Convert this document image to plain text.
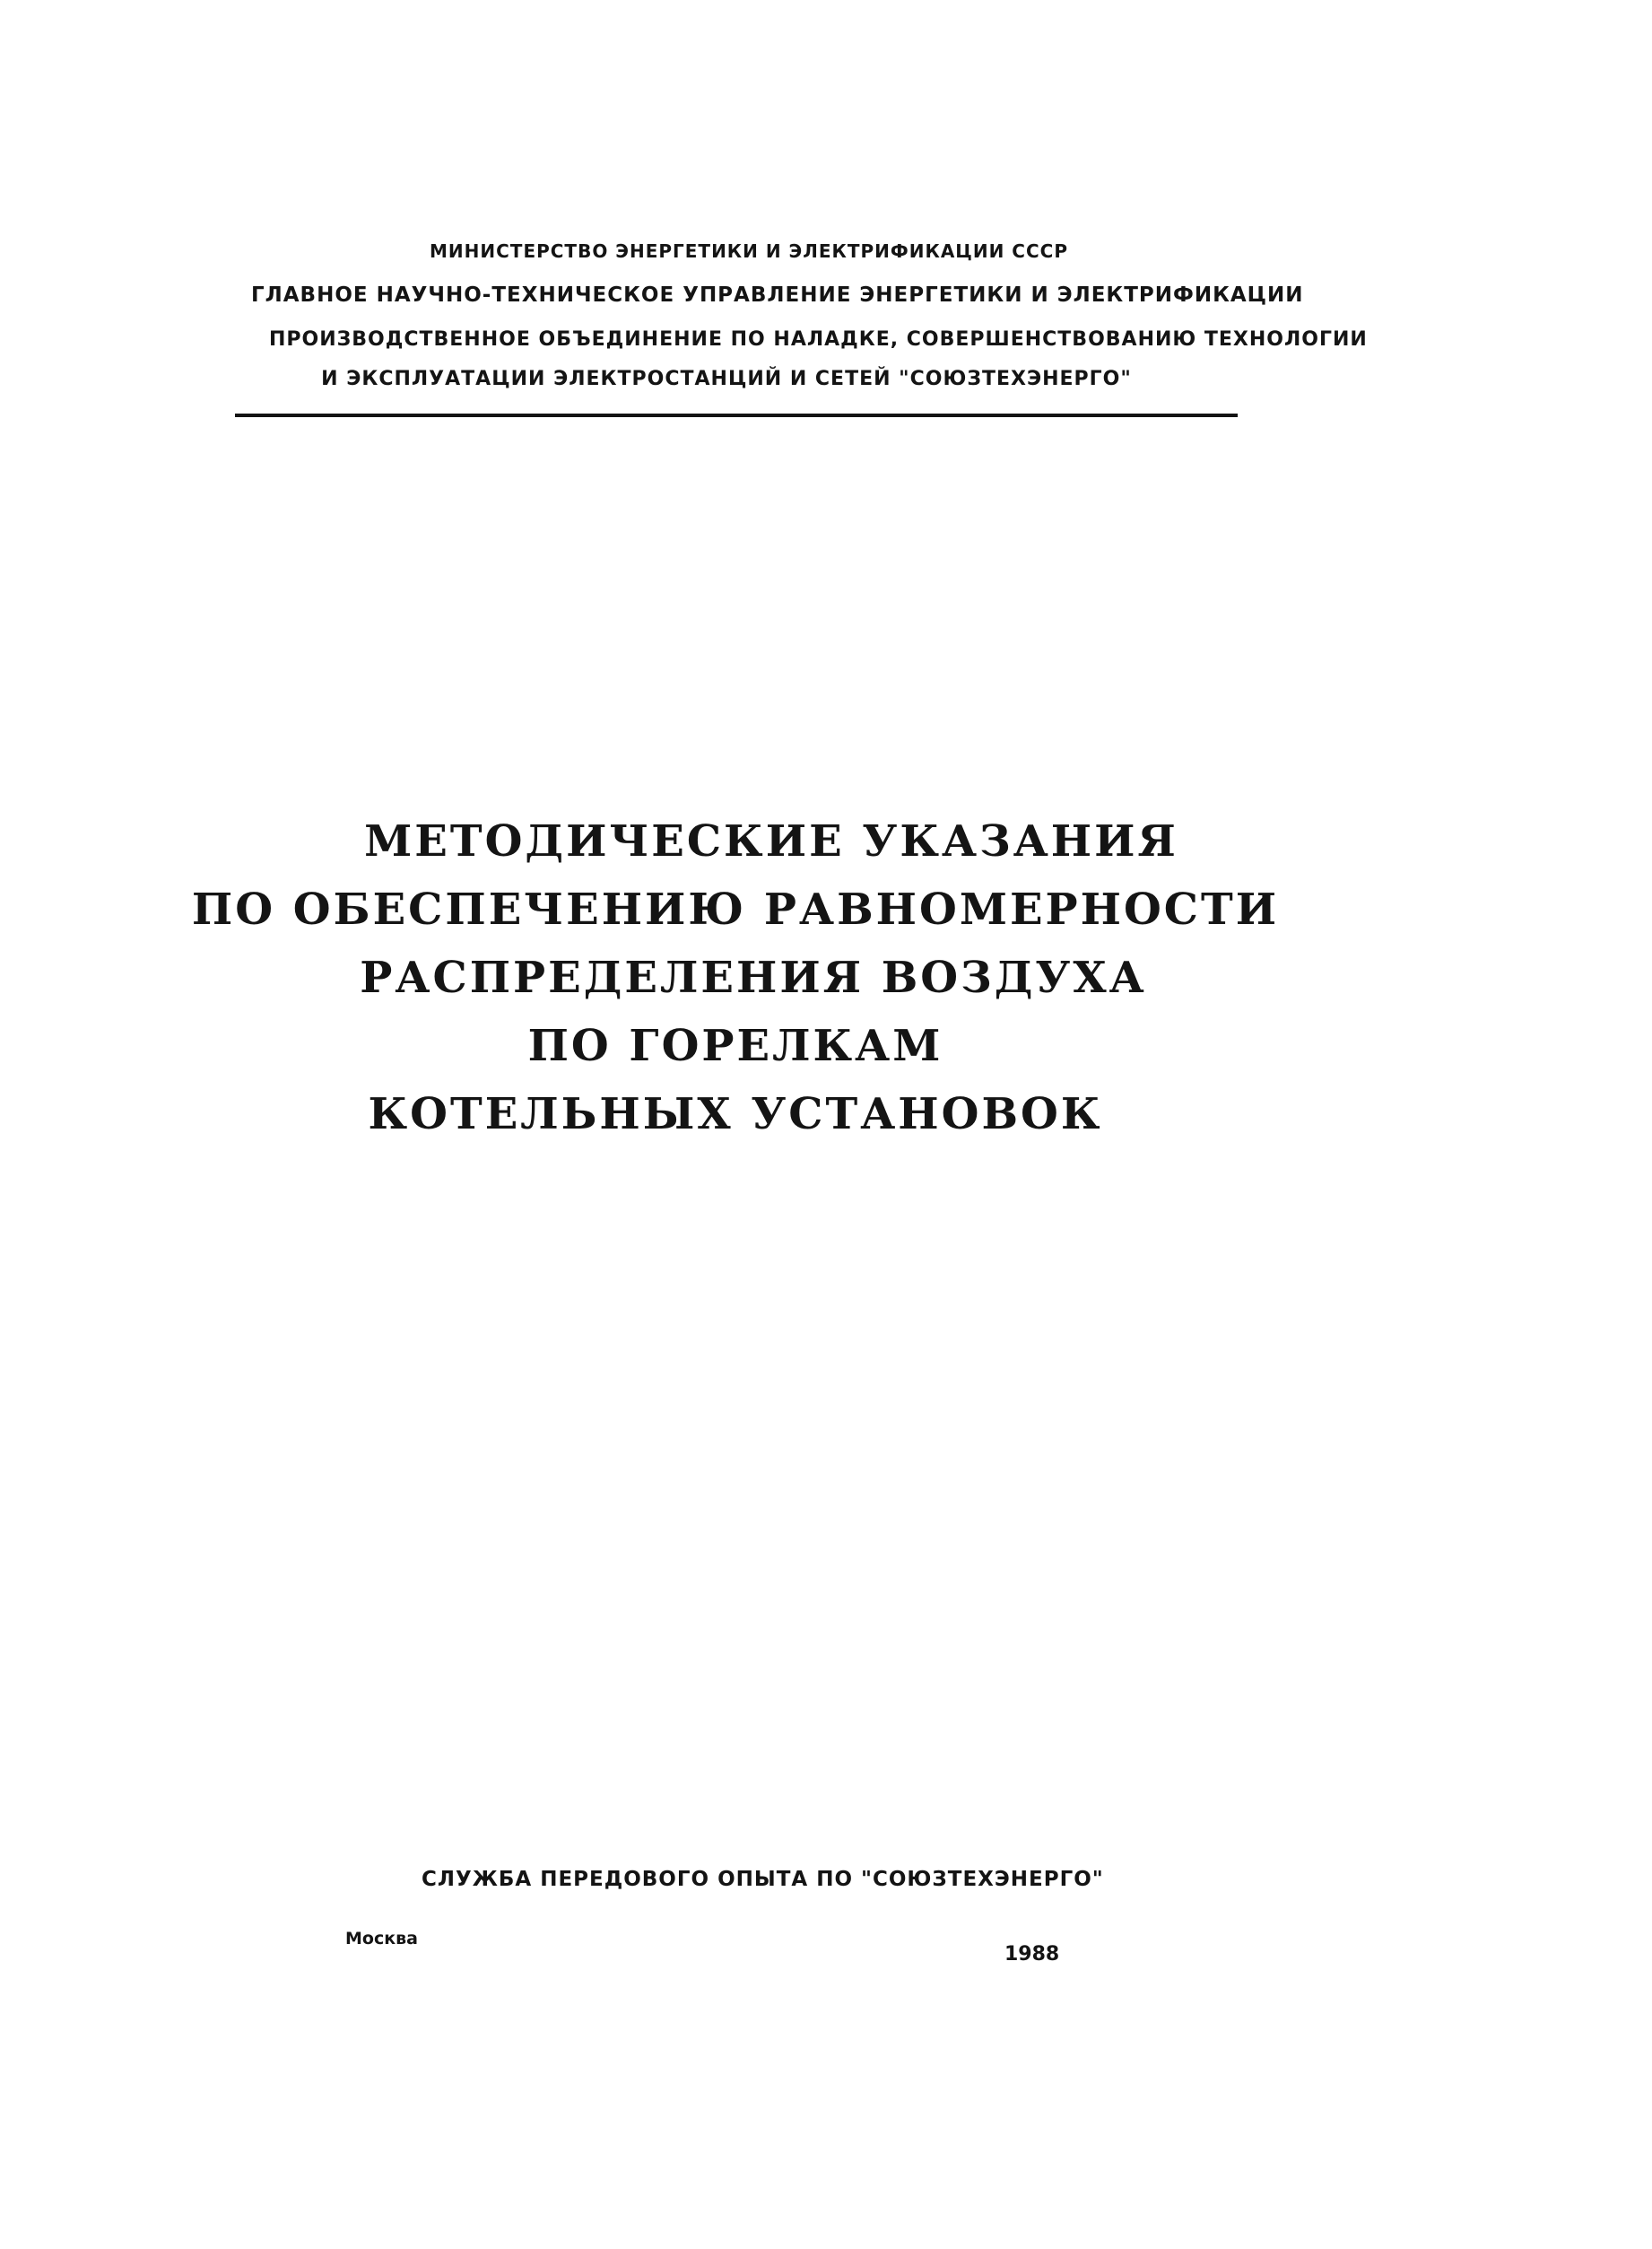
МИНИСТЕРСТВО ЭНЕРГЕТИКИ И ЭЛЕКТРИФИКАЦИИ СССР
ГЛАВНОЕ НАУЧНО-ТЕХНИЧЕСКОЕ УПРАВЛЕНИЕ ЭНЕРГЕТИКИ И ЭЛЕКТРИФИКАЦИИ
ПРОИЗВОДСТВЕННОЕ ОБЪЕДИНЕНИЕ ПО НАЛАДКЕ, СОВЕРШЕНСТВОВАНИЮ ТЕХНОЛОГИИ
И ЭКСПЛУАТАЦИИ ЭЛЕКТРОСТАНЦИЙ И СЕТЕЙ "СОЮЗТЕХЭНЕРГО"
МЕТОДИЧЕСКИЕ УКАЗАНИЯ
ПО ОБЕСПЕЧЕНИЮ РАВНОМЕРНОСТИ
РАСПРЕДЕЛЕНИЯ ВОЗДУХА
ПО ГОРЕЛКАМ
КОТЕЛЬНЫХ УСТАНОВОК
СЛУЖБА ПЕРЕДОВОГО ОПЫТА ПО "СОЮЗТЕХЭНЕРГО"
Москва
1988
